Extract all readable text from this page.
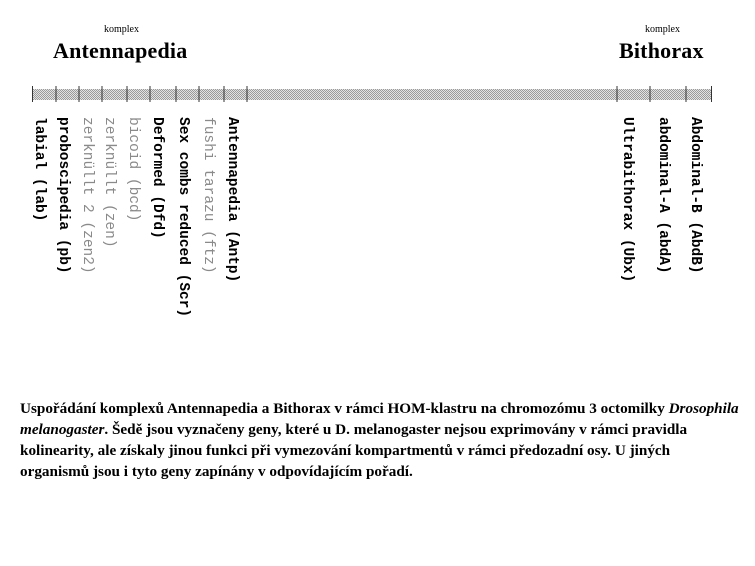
komplex
Antennapedia
komplex
Bithorax
labial (lab) proboscipedia (pb) zerknüllt 2 (zen2) zerknüllt (zen) bicoid (bcd) Deformed (Dfd) Sex combs reduced (Scr) fushi tarazu (ftz) Antennapedia (Antp)	Ultrabithorax (Ubx) abdominal-A (abdA) Abdominal-B (AbdB)
Uspořádání komplexů Antennapedia a Bithorax v rámci HOM-klastru na chromozómu 3 octomilky Drosophila melanogaster. Šedě jsou vyznačeny geny, které u D. melanogaster nejsou exprimovány v rámci pravidla kolinearity, ale získaly jinou funkci při vymezování kompartmentů v rámci předozadní osy. U jiných organismů jsou i tyto geny zapínány v odpovídajícím pořadí.
